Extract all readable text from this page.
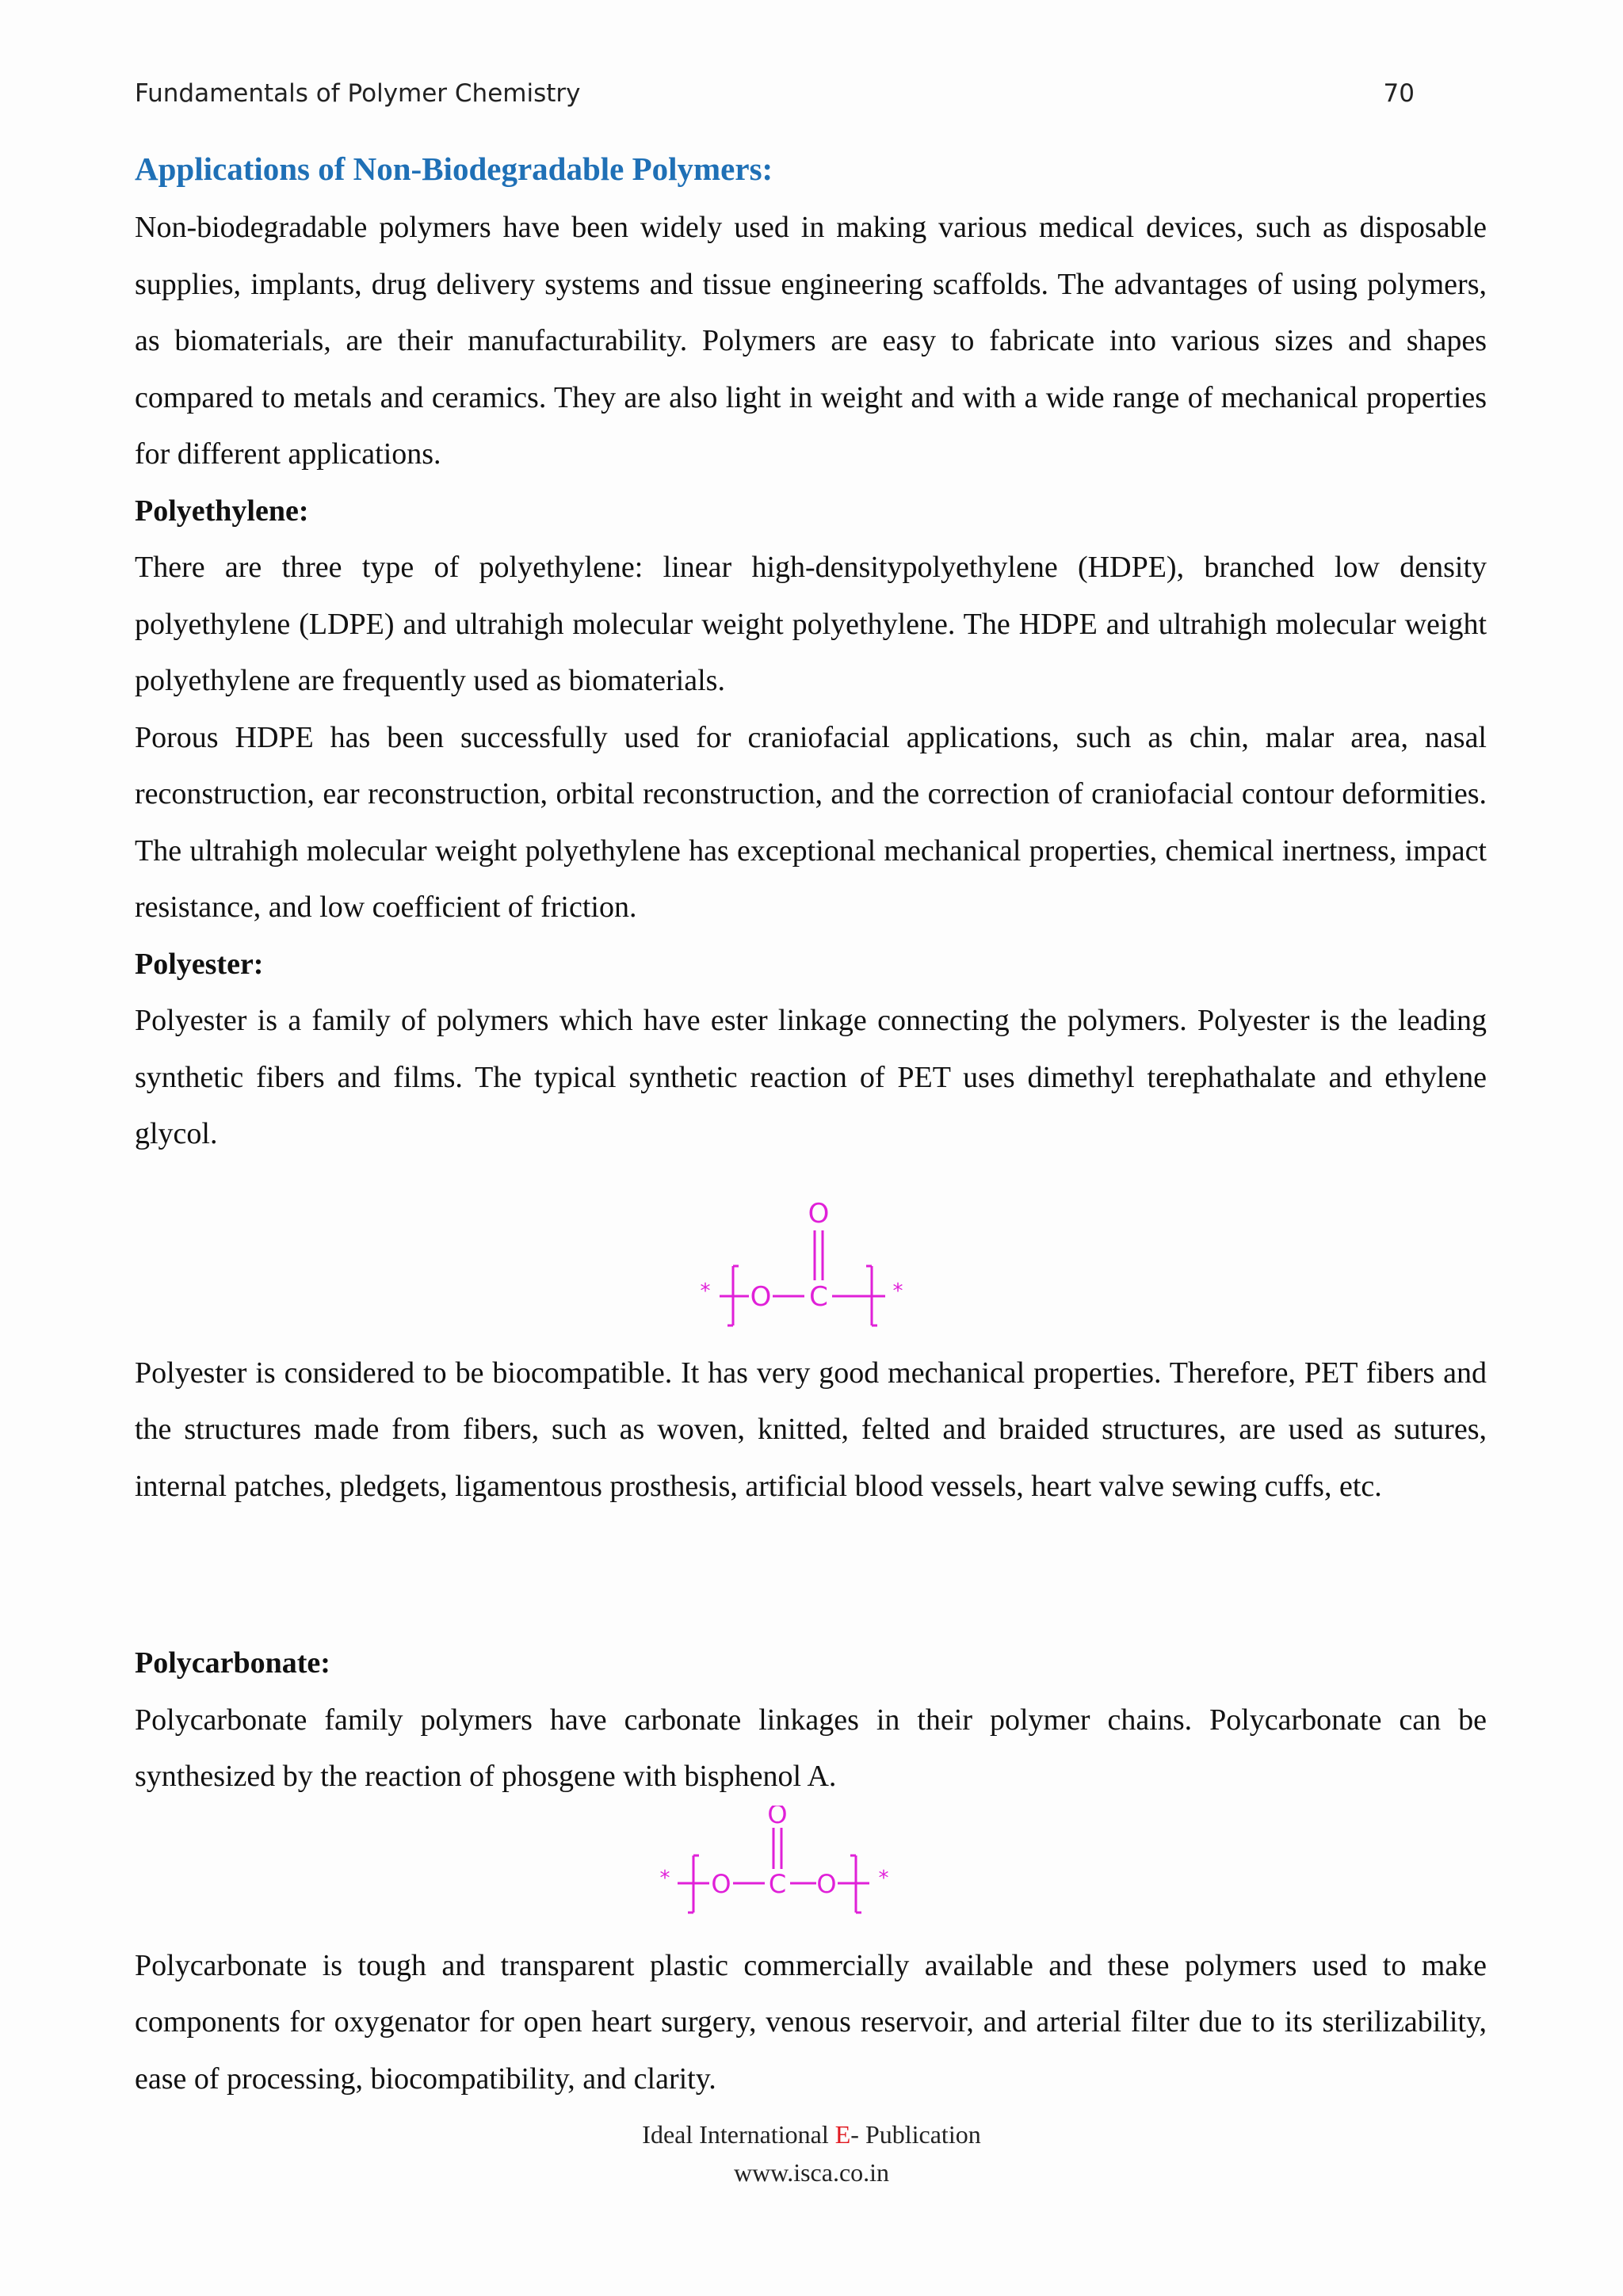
Fundamentals of Polymer Chemistry	70
Applications of Non-Biodegradable Polymers:

Non-biodegradable polymers have been widely used in making various medical devices, such as disposable supplies, implants, drug delivery systems and tissue engineering scaffolds. The advantages of using polymers, as biomaterials, are their manufacturability. Polymers are easy to fabricate into various sizes and shapes compared to metals and ceramics. They are also light in weight and with a wide range of mechanical properties for different applications.

Polyethylene:

There are three type of polyethylene: linear high-densitypolyethylene (HDPE), branched low density polyethylene (LDPE) and ultrahigh molecular weight polyethylene. The HDPE and ultrahigh molecular weight polyethylene are frequently used as biomaterials.

Porous HDPE has been successfully used for craniofacial applications, such as chin, malar area, nasal reconstruction, ear reconstruction, orbital reconstruction, and the correction of craniofacial contour deformities. The ultrahigh molecular weight polyethylene has exceptional mechanical properties, chemical inertness, impact resistance, and low coefficient of friction.

Polyester:

Polyester is a family of polymers which have ester linkage connecting the polymers. Polyester is the leading synthetic fibers and films. The typical synthetic reaction of PET uses dimethyl terephathalate and ethylene glycol.

* O C
O
*

Polyester is considered to be biocompatible. It has very good mechanical properties. Therefore, PET fibers and the structures made from fibers, such as woven, knitted, felted and braided structures, are used as sutures, internal patches, pledgets, ligamentous prosthesis, artificial blood vessels, heart valve sewing cuffs, etc.

Polycarbonate:

Polycarbonate family polymers have carbonate linkages in their polymer chains. Polycarbonate can be synthesized by the reaction of phosgene with bisphenol A.

* O C
O
O *

Polycarbonate is tough and transparent plastic commercially available and these polymers used to make components for oxygenator for open heart surgery, venous reservoir, and arterial filter due to its sterilizability, ease of processing, biocompatibility, and clarity.

Ideal International E- Publication
www.isca.co.in
